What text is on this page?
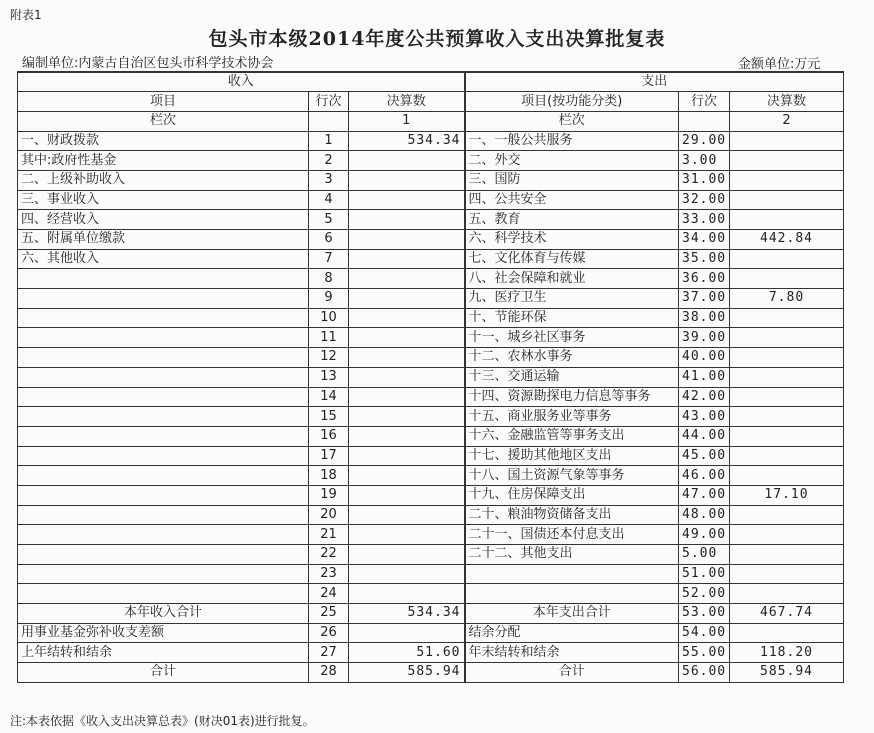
附表1
包头市本级2014年度公共预算收入支出决算批复表
编制单位:内蒙古自治区包头市科学技术协会	金额单位:万元
收入			支出		
项目	行次	决算数	项目(按功能分类)	行次	决算数
栏次		1	栏次		2
一、财政拨款	1	534.34	一、一般公共服务	29.00	
其中:政府性基金	2		二、外交	3.00	
二、上级补助收入	3		三、国防	31.00	
三、事业收入	4		四、公共安全	32.00	
四、经营收入	5		五、教育	33.00	
五、附属单位缴款	6		六、科学技术	34.00	442.84
六、其他收入	7		七、文化体育与传媒	35.00	
	8		八、社会保障和就业	36.00	
	9		九、医疗卫生	37.00	7.80
	10		十、节能环保	38.00	
	11		十一、城乡社区事务	39.00	
	12		十二、农林水事务	40.00	
	13		十三、交通运输	41.00	
	14		十四、资源勘探电力信息等事务	42.00	
	15		十五、商业服务业等事务	43.00	
	16		十六、金融监管等事务支出	44.00	
	17		十七、援助其他地区支出	45.00	
	18		十八、国土资源气象等事务	46.00	
	19		十九、住房保障支出	47.00	17.10
	20		二十、粮油物资储备支出	48.00	
	21		二十一、国债还本付息支出	49.00	
	22		二十二、其他支出	5.00	
	23			51.00	
	24			52.00	
本年收入合计	25	534.34	本年支出合计	53.00	467.74
用事业基金弥补收支差额	26		结余分配	54.00	
上年结转和结余	27	51.60	年末结转和结余	55.00	118.20
合计	28	585.94	合计	56.00	585.94
注:本表依据《收入支出决算总表》(财决01表)进行批复。
